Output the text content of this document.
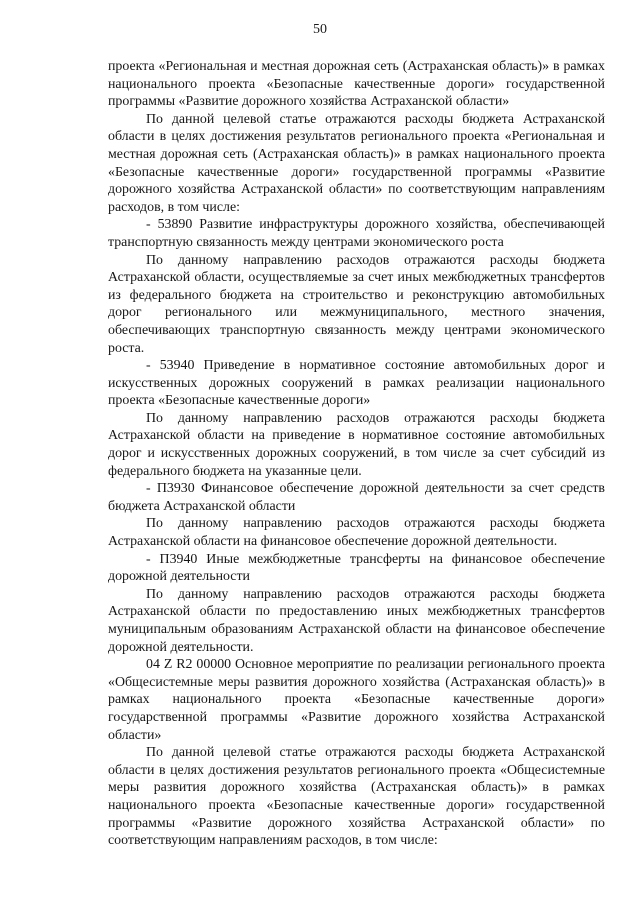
50

проекта «Региональная и местная дорожная сеть (Астраханская область)» в рамках национального проекта «Безопасные качественные дороги» государственной программы «Развитие дорожного хозяйства Астраханской области»

По данной целевой статье отражаются расходы бюджета Астраханской области в целях достижения результатов регионального проекта «Региональная и местная дорожная сеть (Астраханская область)» в рамках национального проекта «Безопасные качественные дороги» государственной программы «Развитие дорожного хозяйства Астраханской области» по соответствующим направлениям расходов, в том числе:

- 53890 Развитие инфраструктуры дорожного хозяйства, обеспечивающей транспортную связанность между центрами экономического роста

По данному направлению расходов отражаются расходы бюджета Астраханской области, осуществляемые за счет иных межбюджетных трансфертов из федерального бюджета на строительство и реконструкцию автомобильных дорог регионального или межмуниципального, местного значения, обеспечивающих транспортную связанность между центрами экономического роста.

- 53940 Приведение в нормативное состояние автомобильных дорог и искусственных дорожных сооружений в рамках реализации национального проекта «Безопасные качественные дороги»

По данному направлению расходов отражаются расходы бюджета Астраханской области на приведение в нормативное состояние автомобильных дорог и искусственных дорожных сооружений, в том числе за счет субсидий из федерального бюджета на указанные цели.

- П3930 Финансовое обеспечение дорожной деятельности за счет средств бюджета Астраханской области

По данному направлению расходов отражаются расходы бюджета Астраханской области на финансовое обеспечение дорожной деятельности.

- П3940 Иные межбюджетные трансферты на финансовое обеспечение дорожной деятельности

По данному направлению расходов отражаются расходы бюджета Астраханской области по предоставлению иных межбюджетных трансфертов муниципальным образованиям Астраханской области на финансовое обеспечение дорожной деятельности.

04 Z R2 00000 Основное мероприятие по реализации регионального проекта «Общесистемные меры развития дорожного хозяйства (Астраханская область)» в рамках национального проекта «Безопасные качественные дороги» государственной программы «Развитие дорожного хозяйства Астраханской области»

По данной целевой статье отражаются расходы бюджета Астраханской области в целях достижения результатов регионального проекта «Общесистемные меры развития дорожного хозяйства (Астраханская область)» в рамках национального проекта «Безопасные качественные дороги» государственной программы «Развитие дорожного хозяйства Астраханской области» по соответствующим направлениям расходов, в том числе:
